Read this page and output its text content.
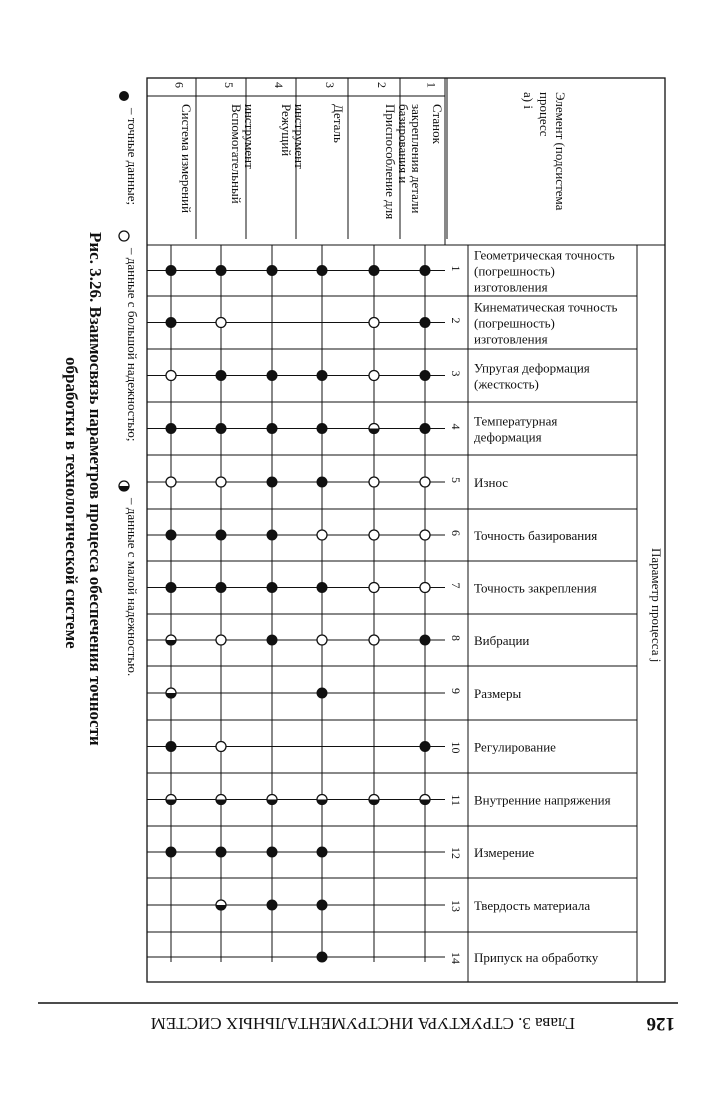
Глава 3. СТРУКТУРА ИНСТРУМЕНТАЛЬНЫХ СИСТЕМ	126
Элемент (подсистемапроцесса) i
Параметр процесса j
1
Станок
2
Приспособление длябазирования изакрепления детали
3
Деталь
4
Режущийинструмент
5
Вспомогательныйинструмент
6
Система измерений
1
Геометрическая точность (погрешность) изготовления
2
Кинематическая точность (погрешность) изготовления
3 Упругая деформация (жесткость)
4 Температурная деформация
5 Износ
6 Точность базирования
7 Точность закрепления
8 Вибрации
9 Размеры
10 Регулирование
11 Внутренние напряжения
12 Измерение
13 Твердость материала
14 Припуск на обработку
– точные данные;
– данные с большой надежностью;
– данные с малой надежностью.
Рис. 3.26. Взаимосвязь параметров процесса обеспечения точности
обработки в технологической системе
